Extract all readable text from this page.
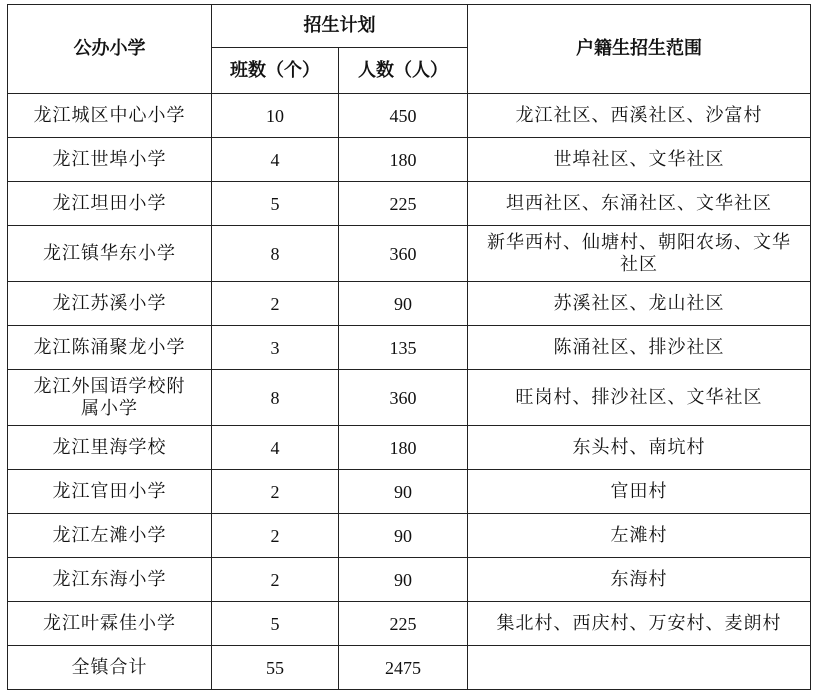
公办小学	招生计划		户籍生招生范围
	班数（个）	人数（人）	
龙江城区中心小学	10	450	龙江社区、西溪社区、沙富村
龙江世埠小学	4	180	世埠社区、文华社区
龙江坦田小学	5	225	坦西社区、东涌社区、文华社区
龙江镇华东小学	8	360	新华西村、仙塘村、朝阳农场、文华社区
龙江苏溪小学	2	90	苏溪社区、龙山社区
龙江陈涌聚龙小学	3	135	陈涌社区、排沙社区
龙江外国语学校附属小学	8	360	旺岗村、排沙社区、文华社区
龙江里海学校	4	180	东头村、南坑村
龙江官田小学	2	90	官田村
龙江左滩小学	2	90	左滩村
龙江东海小学	2	90	东海村
龙江叶霖佳小学	5	225	集北村、西庆村、万安村、麦朗村
全镇合计	55	2475	
